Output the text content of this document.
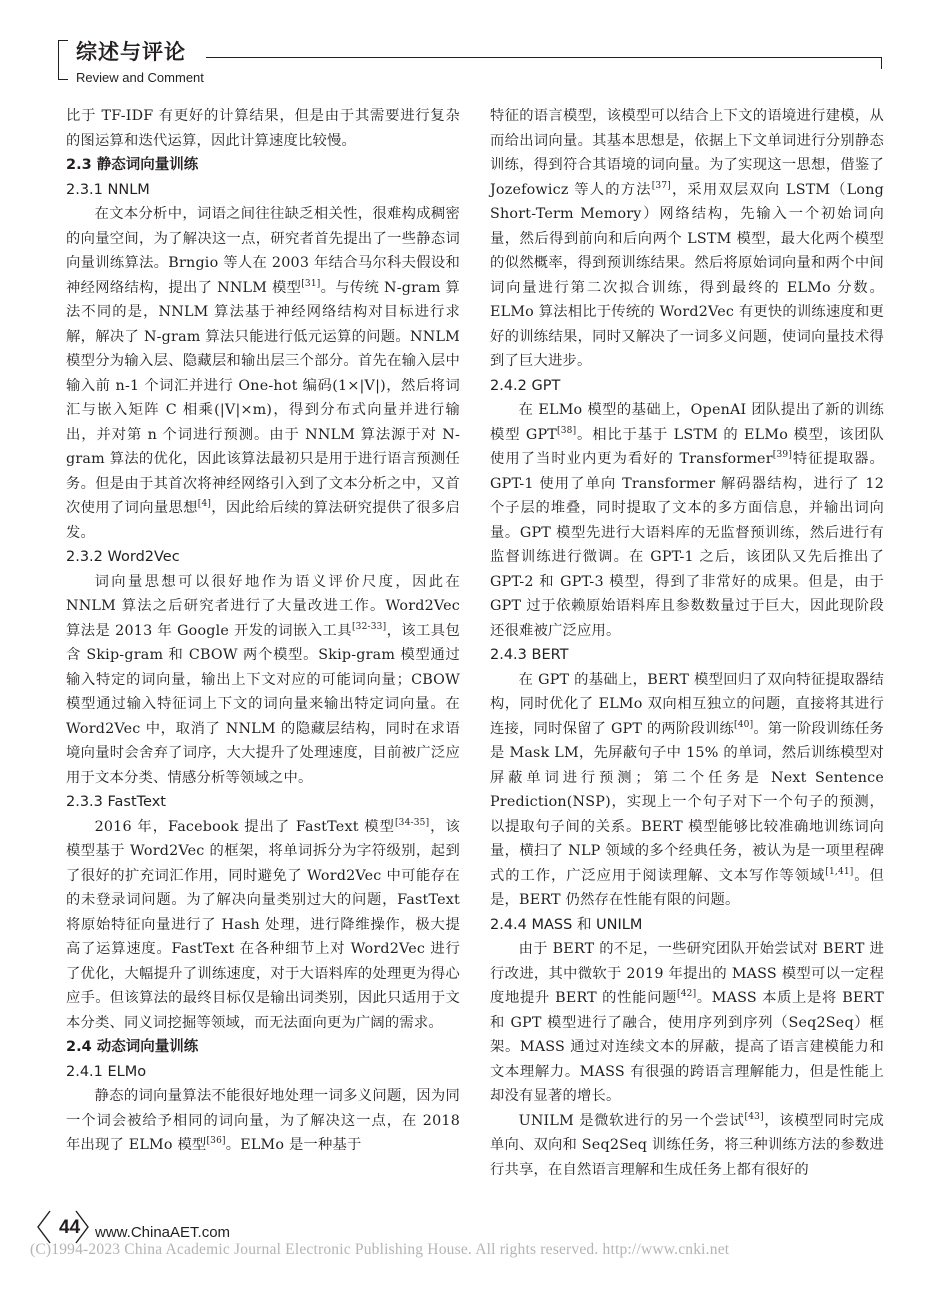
综述与评论
Review and Comment

比于 TF-IDF 有更好的计算结果，但是由于其需要进行复杂的图运算和迭代运算，因此计算速度比较慢。

2.3 静态词向量训练
2.3.1 NNLM

在文本分析中，词语之间往往缺乏相关性，很难构成稠密的向量空间，为了解决这一点，研究者首先提出了一些静态词向量训练算法。Brngio 等人在 2003 年结合马尔科夫假设和神经网络结构，提出了 NNLM 模型[31]。与传统 N-gram 算法不同的是，NNLM 算法基于神经网络结构对目标进行求解，解决了 N-gram 算法只能进行低元运算的问题。NNLM 模型分为输入层、隐藏层和输出层三个部分。首先在输入层中输入前 n-1 个词汇并进行 One-hot 编码(1×|V|)，然后将词汇与嵌入矩阵 C 相乘(|V|×m)，得到分布式向量并进行输出，并对第 n 个词进行预测。由于 NNLM 算法源于对 N-gram 算法的优化，因此该算法最初只是用于进行语言预测任务。但是由于其首次将神经网络引入到了文本分析之中，又首次使用了词向量思想[4]，因此给后续的算法研究提供了很多启发。

2.3.2 Word2Vec

词向量思想可以很好地作为语义评价尺度，因此在 NNLM 算法之后研究者进行了大量改进工作。Word2Vec 算法是 2013 年 Google 开发的词嵌入工具[32-33]，该工具包含 Skip-gram 和 CBOW 两个模型。Skip-gram 模型通过输入特定的词向量，输出上下文对应的可能词向量；CBOW 模型通过输入特征词上下文的词向量来输出特定词向量。在 Word2Vec 中，取消了 NNLM 的隐藏层结构，同时在求语境向量时会舍弃了词序，大大提升了处理速度，目前被广泛应用于文本分类、情感分析等领域之中。

2.3.3 FastText

2016 年，Facebook 提出了 FastText 模型[34-35]，该模型基于 Word2Vec 的框架，将单词拆分为字符级别，起到了很好的扩充词汇作用，同时避免了 Word2Vec 中可能存在的未登录词问题。为了解决向量类别过大的问题，FastText 将原始特征向量进行了 Hash 处理，进行降维操作，极大提高了运算速度。FastText 在各种细节上对 Word2Vec 进行了优化，大幅提升了训练速度，对于大语料库的处理更为得心应手。但该算法的最终目标仅是输出词类别，因此只适用于文本分类、同义词挖掘等领域，而无法面向更为广阔的需求。

2.4 动态词向量训练
2.4.1 ELMo

静态的词向量算法不能很好地处理一词多义问题，因为同一个词会被给予相同的词向量，为了解决这一点，在 2018 年出现了 ELMo 模型[36]。ELMo 是一种基于

特征的语言模型，该模型可以结合上下文的语境进行建模，从而给出词向量。其基本思想是，依据上下文单词进行分别静态训练，得到符合其语境的词向量。为了实现这一思想，借鉴了 Jozefowicz 等人的方法[37]，采用双层双向 LSTM（Long Short-Term Memory）网络结构，先输入一个初始词向量，然后得到前向和后向两个 LSTM 模型，最大化两个模型的似然概率，得到预训练结果。然后将原始词向量和两个中间词向量进行第二次拟合训练，得到最终的 ELMo 分数。ELMo 算法相比于传统的 Word2Vec 有更快的训练速度和更好的训练结果，同时又解决了一词多义问题，使词向量技术得到了巨大进步。

2.4.2 GPT

在 ELMo 模型的基础上，OpenAI 团队提出了新的训练模型 GPT[38]。相比于基于 LSTM 的 ELMo 模型，该团队使用了当时业内更为看好的 Transformer[39]特征提取器。GPT-1 使用了单向 Transformer 解码器结构，进行了 12 个子层的堆叠，同时提取了文本的多方面信息，并输出词向量。GPT 模型先进行大语料库的无监督预训练，然后进行有监督训练进行微调。在 GPT-1 之后，该团队又先后推出了 GPT-2 和 GPT-3 模型，得到了非常好的成果。但是，由于 GPT 过于依赖原始语料库且参数数量过于巨大，因此现阶段还很难被广泛应用。

2.4.3 BERT

在 GPT 的基础上，BERT 模型回归了双向特征提取器结构，同时优化了 ELMo 双向相互独立的问题，直接将其进行连接，同时保留了 GPT 的两阶段训练[40]。第一阶段训练任务是 Mask LM，先屏蔽句子中 15% 的单词，然后训练模型对屏蔽单词进行预测；第二个任务是 Next Sentence Prediction(NSP)，实现上一个句子对下一个句子的预测，以提取句子间的关系。BERT 模型能够比较准确地训练词向量，横扫了 NLP 领域的多个经典任务，被认为是一项里程碑式的工作，广泛应用于阅读理解、文本写作等领域[1,41]。但是，BERT 仍然存在性能有限的问题。

2.4.4 MASS 和 UNILM

由于 BERT 的不足，一些研究团队开始尝试对 BERT 进行改进，其中微软于 2019 年提出的 MASS 模型可以一定程度地提升 BERT 的性能问题[42]。MASS 本质上是将 BERT 和 GPT 模型进行了融合，使用序列到序列（Seq2Seq）框架。MASS 通过对连续文本的屏蔽，提高了语言建模能力和文本理解力。MASS 有很强的跨语言理解能力，但是性能上却没有显著的增长。

UNILM 是微软进行的另一个尝试[43]，该模型同时完成单向、双向和 Seq2Seq 训练任务，将三种训练方法的参数进行共享，在自然语言理解和生成任务上都有很好的

44 www.ChinaAET.com
(C)1994-2023 China Academic Journal Electronic Publishing House. All rights reserved. http://www.cnki.net
